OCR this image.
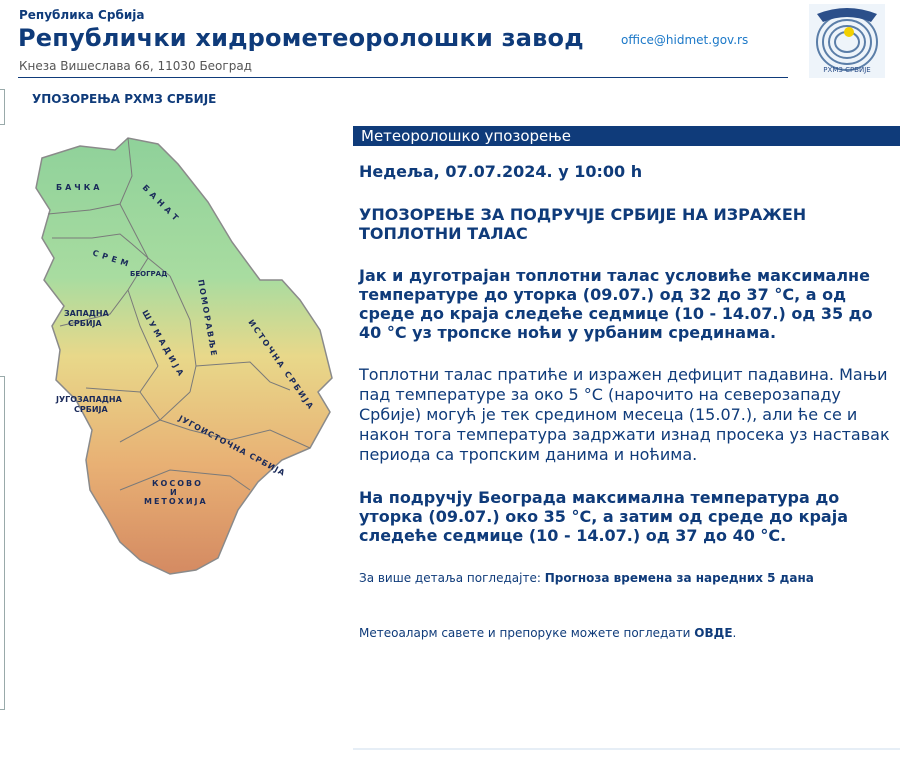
Република Србија
Републички хидрометеоролошки завод
Кнеза Вишеслава 66, 11030 Београд
office@hidmet.gov.rs
РХМЗ СРБИЈЕ
УПОЗОРЕЊА РХМЗ СРБИЈЕ
БАЧКА	БАНАТ
СРЕМ
БЕОГРАД
ЗАПАДНА
СРБИЈА	ШУМАДИЈА ПОМОРАВЉЕ	ИСТОЧНА СРБИЈА
ЈУГОЗАПАДНА
СРБИЈА
ЈУГОИСТОЧНА СРБИЈА
КОСОВО
И
МЕТОХИЈА
Метеоролошко упозорење

Недеља, 07.07.2024. у 10:00 h

УПОЗОРЕЊЕ ЗА ПОДРУЧЈЕ СРБИЈЕ НА ИЗРАЖЕН ТОПЛОТНИ ТАЛАС

Јак и дуготрајан топлотни талас условиће максималне температуре до уторка (09.07.) од 32 до 37 °C, а од среде до краја следеће седмице (10 - 14.07.) од 35 до 40 °C уз тропске ноћи у урбаним срединама.

Топлотни талас пратиће и изражен дефицит падавина. Мањи пад температуре за око 5 °C (нарочито на северозападу Србије) могућ је тек средином месеца (15.07.), али ће се и након тога температура задржати изнад просека уз наставак периода са тропским данима и ноћима.

На подручју Београда максимална температура до уторка (09.07.) око 35 °C, а затим од среде до краја следеће седмице (10 - 14.07.) од 37 до 40 °C.

За више детаља погледајте: Прогноза времена за наредних 5 дана

Метеоаларм савете и препоруке можете погледати ОВДЕ.
